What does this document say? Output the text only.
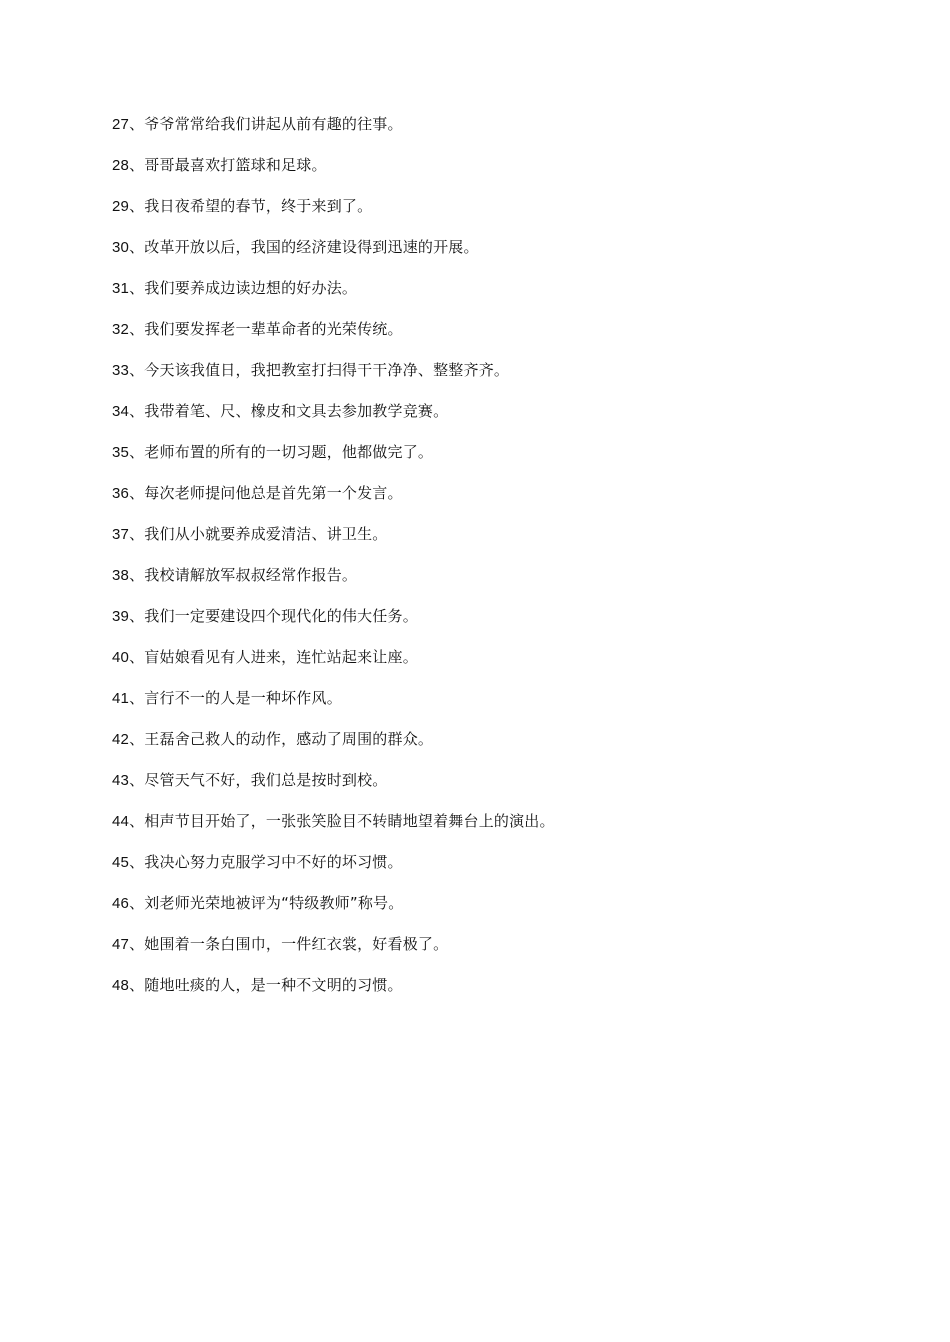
27、爷爷常常给我们讲起从前有趣的往事。
28、哥哥最喜欢打篮球和足球。
29、我日夜希望的春节，终于来到了。
30、改革开放以后，我国的经济建设得到迅速的开展。
31、我们要养成边读边想的好办法。
32、我们要发挥老一辈革命者的光荣传统。
33、今天该我值日，我把教室打扫得干干净净、整整齐齐。
34、我带着笔、尺、橡皮和文具去参加教学竞赛。
35、老师布置的所有的一切习题，他都做完了。
36、每次老师提问他总是首先第一个发言。
37、我们从小就要养成爱清洁、讲卫生。
38、我校请解放军叔叔经常作报告。
39、我们一定要建设四个现代化的伟大任务。
40、盲姑娘看见有人进来，连忙站起来让座。
41、言行不一的人是一种坏作风。
42、王磊舍己救人的动作，感动了周围的群众。
43、尽管天气不好，我们总是按时到校。
44、相声节目开始了，一张张笑脸目不转睛地望着舞台上的演出。
45、我决心努力克服学习中不好的坏习惯。
46、刘老师光荣地被评为“特级教师”称号。
47、她围着一条白围巾，一件红衣裳，好看极了。
48、随地吐痰的人，是一种不文明的习惯。
